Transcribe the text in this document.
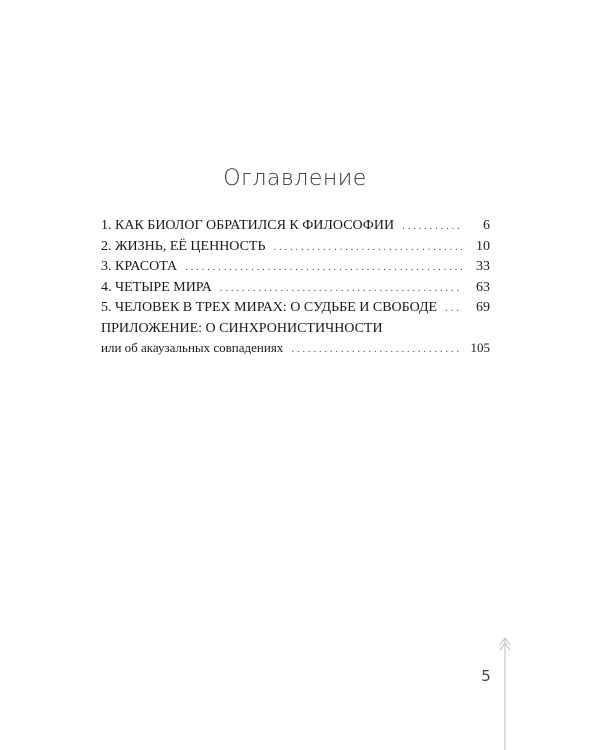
Оглавление
1. КАК БИОЛОГ ОБРАТИЛСЯ К ФИЛОСОФИИ . . .	6
2. ЖИЗНЬ, ЕЁ ЦЕННОСТЬ . . .	10
3. КРАСОТА . . .	33
4. ЧЕТЫРЕ МИРА . . .	63
5. ЧЕЛОВЕК В ТРЕХ МИРАХ: О СУДЬБЕ И СВОБОДЕ . . .	69
ПРИЛОЖЕНИЕ: О СИНХРОНИСТИЧНОСТИ
или об акаузальных совпадениях . . .	105
5
